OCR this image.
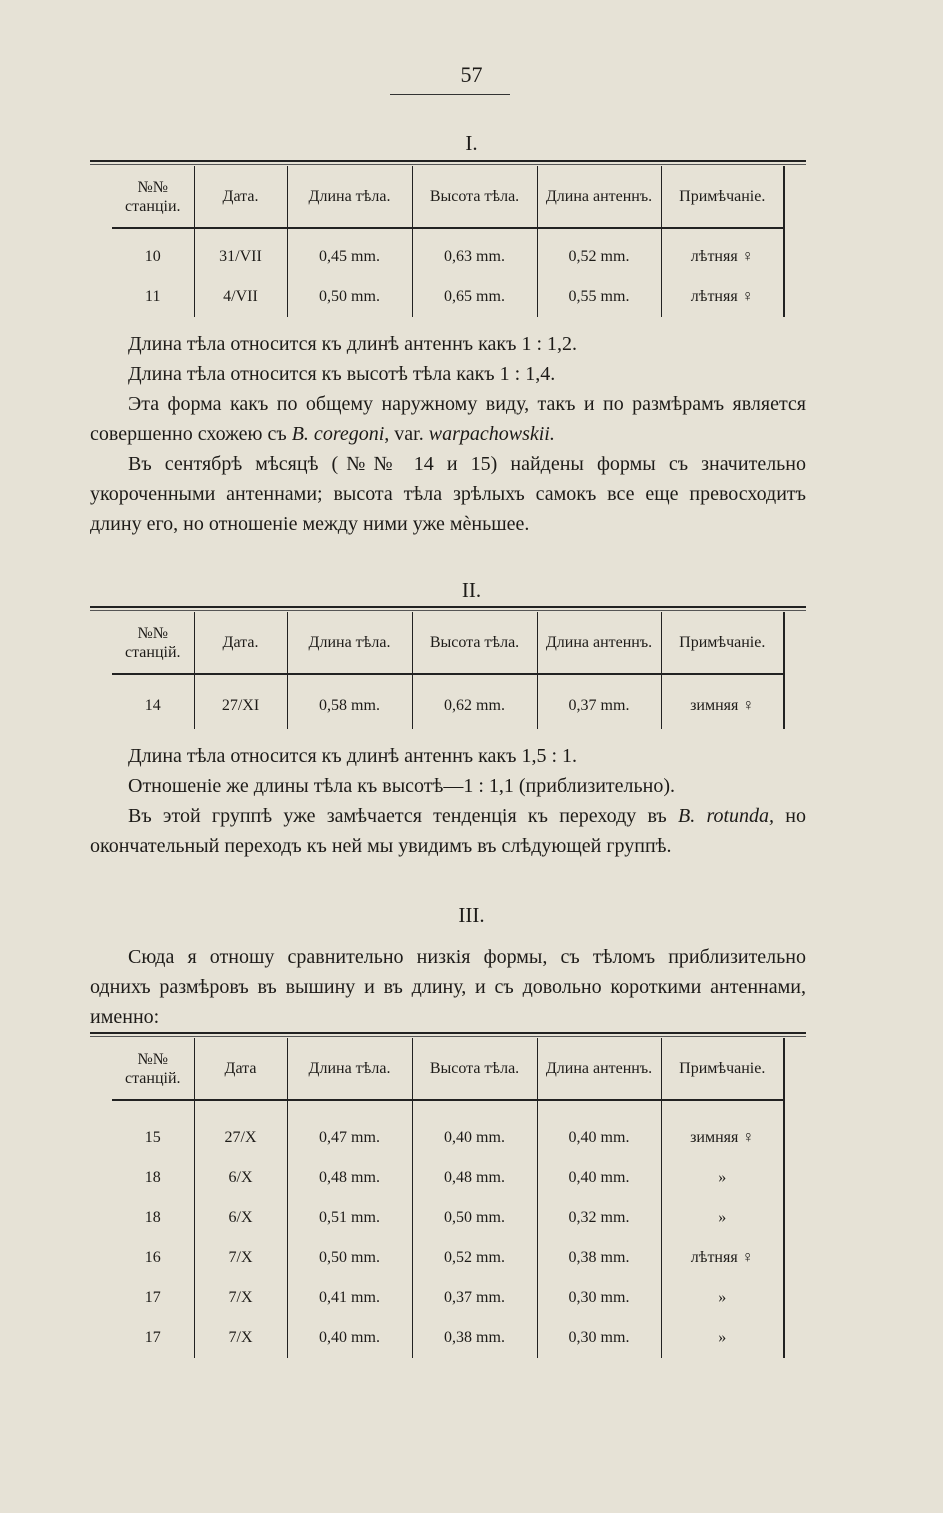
57
I.
№№ станціи.	Дата.	Длина тѣла.	Высота тѣла.	Длина антеннъ.	Примѣчаніе.

10	31/VII	0,45 mm.	0,63 mm.	0,52 mm.	лѣтняя ♀
11	4/VII	0,50 mm.	0,65 mm.	0,55 mm.	лѣтняя ♀

Длина тѣла относится къ длинѣ антеннъ какъ 1 : 1,2.

Длина тѣла относится къ высотѣ тѣла какъ 1 : 1,4.

Эта форма какъ по общему наружному виду, такъ и по размѣрамъ является совершенно схожею съ B. coregoni, var. warpachowskii.

Въ сентябрѣ мѣсяцѣ (№№ 14 и 15) найдены формы съ значительно укороченными антеннами; высота тѣла зрѣлыхъ самокъ все еще превосходитъ длину его, но отношеніе между ними уже мѐньшее.

II.
№№ станцій.	Дата.	Длина тѣла.	Высота тѣла.	Длина антеннъ.	Примѣчаніе.

14	27/XI	0,58 mm.	0,62 mm.	0,37 mm.	зимняя ♀

Длина тѣла относится къ длинѣ антеннъ какъ 1,5 : 1.

Отношеніе же длины тѣла къ высотѣ—1 : 1,1 (приблизительно).

Въ этой группѣ уже замѣчается тенденція къ переходу въ B. rotunda, но окончательный переходъ къ ней мы увидимъ въ слѣдующей группѣ.

III.

Сюда я отношу сравнительно низкія формы, съ тѣломъ приблизительно однихъ размѣровъ въ вышину и въ длину, и съ довольно короткими антеннами, именно:

№№ станцій.	Дата	Длина тѣла.	Высота тѣла.	Длина антеннъ.	Примѣчаніе.

15	27/X	0,47 mm.	0,40 mm.	0,40 mm.	зимняя ♀
18	6/X	0,48 mm.	0,48 mm.	0,40 mm.	»
18	6/X	0,51 mm.	0,50 mm.	0,32 mm.	»
16	7/X	0,50 mm.	0,52 mm.	0,38 mm.	лѣтняя ♀
17	7/X	0,41 mm.	0,37 mm.	0,30 mm.	»
17	7/X	0,40 mm.	0,38 mm.	0,30 mm.	»
